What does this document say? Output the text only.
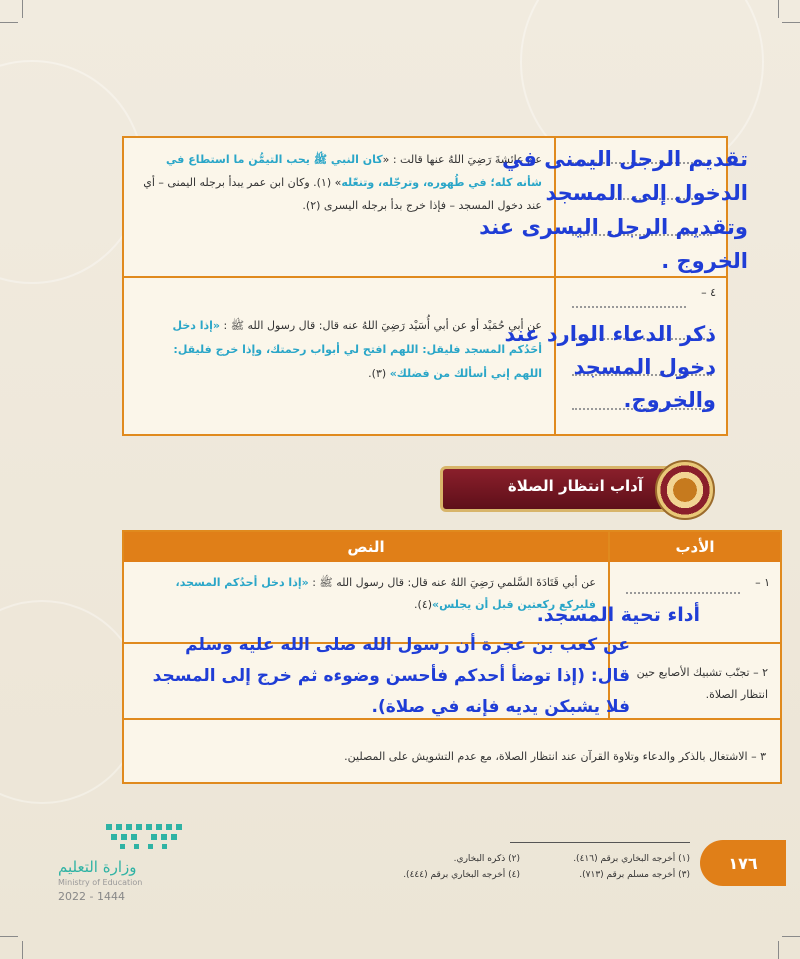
عن عائشةَ رَضِيَ اللهُ عنها قالت : «كان النبي ﷺ يحب التيمُّن ما استطاع في شأنه كله؛ في طُهوره، وترجّله، وتنعّله» (١). وكان ابن عمر يبدأ برجله اليمنى – أي عند دخول المسجد – فإذا خرج بدأ برجله اليسرى (٢).
عن أبي حُمَيْد أو عن أبي أُسَيْد رَضِيَ اللهُ عنه قال: قال رسول الله ﷺ : «إذا دخل أحَدُكم المسجد فليقل: اللهم افتح لي أبواب رحمتك، وإذا خرج فليقل: اللهم إني أسألك من فضلك» (٣).
٤ –
تقديم الرجل اليمنى في الدخول إلى المسجد وتقديم الرجل اليسرى عند الخروج .
ذكر الدعاء الوارد عند دخول المسجد والخروج.
آداب انتظار الصلاة
النص	الأدب
عن أبي قَتَادَةَ السَّلمي رَضِيَ اللهُ عنه قال: قال رسول الله ﷺ : «إذا دخل أحدُكم المسجد، فليركع ركعتين قبل أن يجلس»(٤).
١ –
٢ – تجنّب تشبيك الأصابع حين انتظار الصلاة.
٣ – الاشتغال بالذكر والدعاء وتلاوة القرآن عند انتظار الصلاة، مع عدم التشويش على المصلين.
أداء تحية المسجد.
عن كعب بن عجرة أن رسول الله صلى الله عليه وسلم قال: (إذا توضأ أحدكم فأحسن وضوءه ثم خرج إلى المسجد فلا يشبكن يديه فإنه في صلاة).
(١) أخرجه البخاري برقم (٤١٦).
(٢) ذكره البخاري.
(٣) أخرجه مسلم برقم (٧١٣).
(٤) أخرجه البخاري برقم (٤٤٤).
١٧٦
وزارة التعليم
Ministry of Education
2022 - 1444
